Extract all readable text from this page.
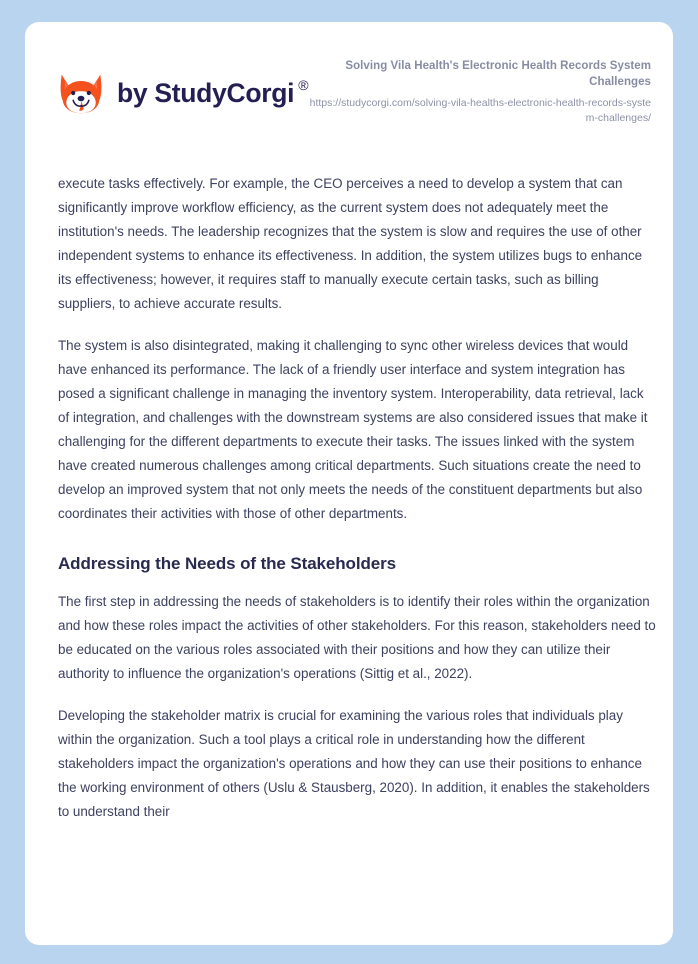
by StudyCorgi ®

Solving Vila Health's Electronic Health Records System Challenges

https://studycorgi.com/solving-vila-healths-electronic-health-records-system-challenges/

execute tasks effectively. For example, the CEO perceives a need to develop a system that can significantly improve workflow efficiency, as the current system does not adequately meet the institution's needs. The leadership recognizes that the system is slow and requires the use of other independent systems to enhance its effectiveness. In addition, the system utilizes bugs to enhance its effectiveness; however, it requires staff to manually execute certain tasks, such as billing suppliers, to achieve accurate results.

The system is also disintegrated, making it challenging to sync other wireless devices that would have enhanced its performance. The lack of a friendly user interface and system integration has posed a significant challenge in managing the inventory system. Interoperability, data retrieval, lack of integration, and challenges with the downstream systems are also considered issues that make it challenging for the different departments to execute their tasks. The issues linked with the system have created numerous challenges among critical departments. Such situations create the need to develop an improved system that not only meets the needs of the constituent departments but also coordinates their activities with those of other departments.

Addressing the Needs of the Stakeholders

The first step in addressing the needs of stakeholders is to identify their roles within the organization and how these roles impact the activities of other stakeholders. For this reason, stakeholders need to be educated on the various roles associated with their positions and how they can utilize their authority to influence the organization's operations (Sittig et al., 2022).

Developing the stakeholder matrix is crucial for examining the various roles that individuals play within the organization. Such a tool plays a critical role in understanding how the different stakeholders impact the organization's operations and how they can use their positions to enhance the working environment of others (Uslu & Stausberg, 2020). In addition, it enables the stakeholders to understand their
